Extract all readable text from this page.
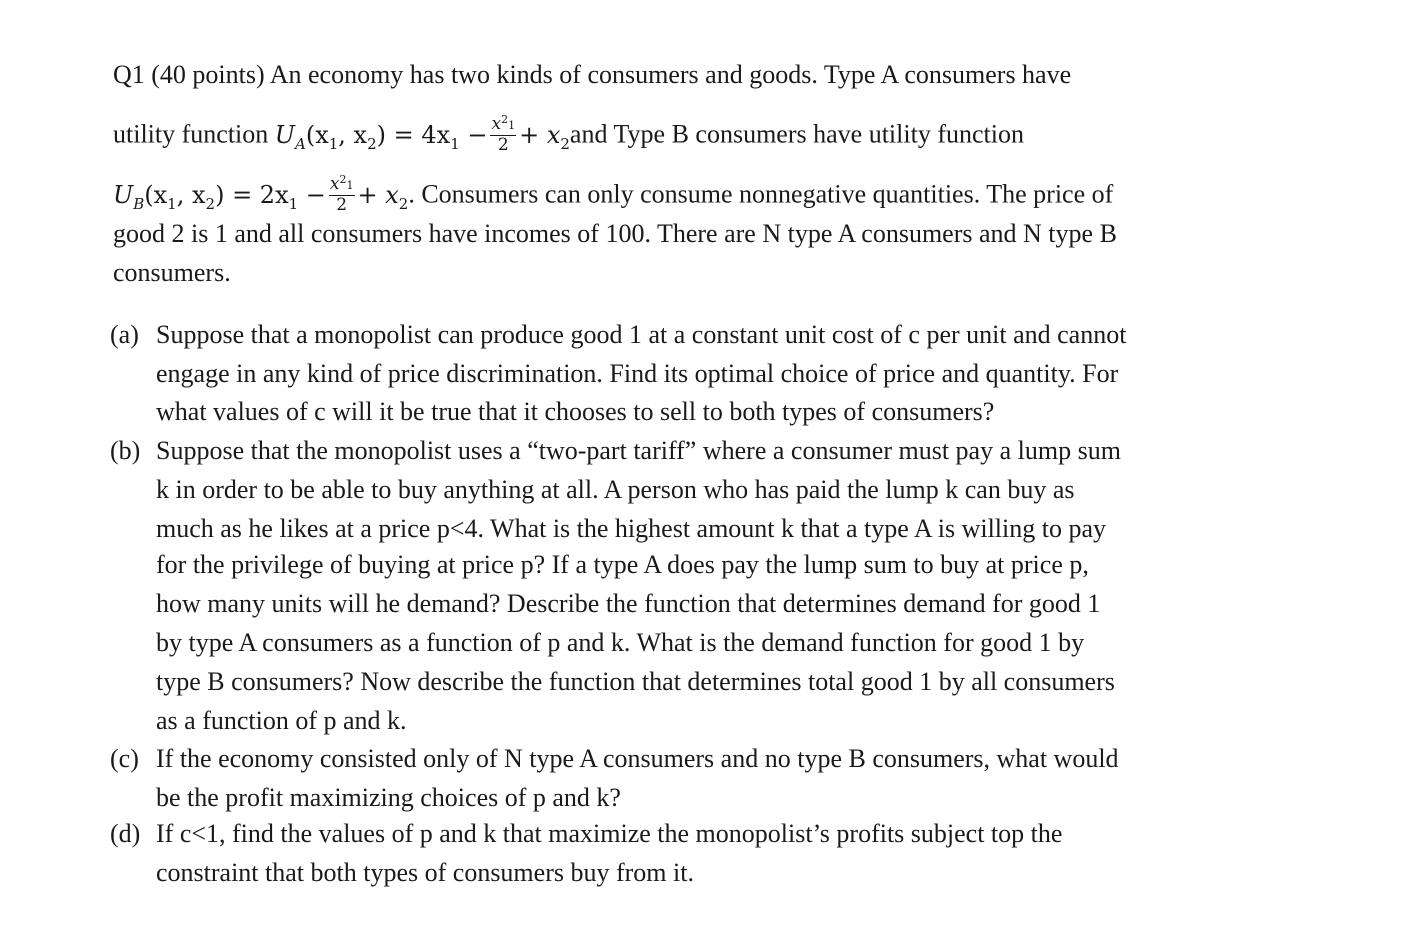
Q1 (40 points) An economy has two kinds of consumers and goods. Type A consumers have
utility function $U_A(x_1$, $x_2) = 4x_1 - \frac{x^21}{2} + x_2and$ Type B consumers have utility function
$U_B(x_1$, $x_2) = 2x_1 - \frac{x^21}{2} + x_2$. Consumers can only consume nonnegative quantities. The price of
good 2 is 1 and all consumers have incomes of 100. There are N type A consumers and N type B
consumers.
(a) Suppose that a monopolist can produce good 1 at a constant unit cost of c per unit and cannot
engage in any kind of price discrimination. Find its optimal choice of price and quantity. For
what values of c will it be true that it chooses to sell to both types of consumers?
(b) Suppose that the monopolist uses a “two-part tariff” where a consumer must pay a lump sum
k in order to be able to buy anything at all. A person who has paid the lump k can buy as
much as he likes at a price p<4. What is the highest amount k that a type A is willing to pay
for the privilege of buying at price p? If a type A does pay the lump sum to buy at price p,
how many units will he demand? Describe the function that determines demand for good 1
by type A consumers as a function of p and k. What is the demand function for good 1 by
type B consumers? Now describe the function that determines total good 1 by all consumers
as a function of p and k.
(c) If the economy consisted only of N type A consumers and no type B consumers, what would
be the profit maximizing choices of p and k?
(d) If c<1, find the values of p and k that maximize the monopolist’s profits subject top the
constraint that both types of consumers buy from it.
